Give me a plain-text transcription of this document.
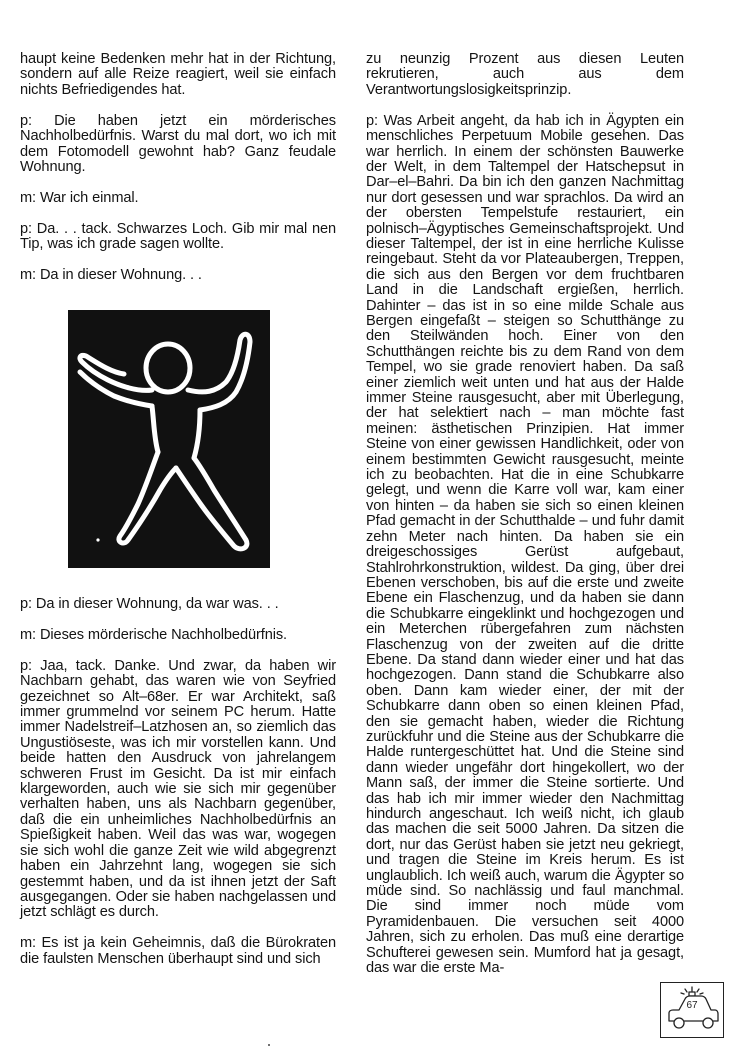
haupt keine Bedenken mehr hat in der Richtung, sondern auf alle Reize reagiert, weil sie einfach nichts Befriedigendes hat.

p: Die haben jetzt ein mörderisches Nachholbedürfnis. Warst du mal dort, wo ich mit dem Fotomodell gewohnt hab? Ganz feudale Wohnung.

m: War ich einmal.

p: Da. . . tack. Schwarzes Loch. Gib mir mal nen Tip, was ich grade sagen wollte.

m: Da in dieser Wohnung. . .

p: Da in dieser Wohnung, da war was. . .

m: Dieses mörderische Nachholbedürfnis.

p: Jaa, tack. Danke. Und zwar, da haben wir Nachbarn gehabt, das waren wie von Seyfried gezeichnet so Alt–68er. Er war Architekt, saß immer grummelnd vor seinem PC herum. Hatte immer Nadelstreif–Latzhosen an, so ziemlich das Ungustiöseste, was ich mir vorstellen kann. Und beide hatten den Ausdruck von jahrelangem schweren Frust im Gesicht. Da ist mir einfach klargeworden, auch wie sie sich mir gegenüber verhalten haben, uns als Nachbarn gegenüber, daß die ein unheimliches Nachholbedürfnis an Spießigkeit haben. Weil das was war, wogegen sie sich wohl die ganze Zeit wie wild abgegrenzt haben ein Jahrzehnt lang, wogegen sie sich gestemmt haben, und da ist ihnen jetzt der Saft ausgegangen. Oder sie haben nachgelassen und jetzt schlägt es durch.

m: Es ist ja kein Geheimnis, daß die Bürokraten die faulsten Menschen überhaupt sind und sich

zu neunzig Prozent aus diesen Leuten rekrutieren, auch aus dem Verantwortungslosigkeitsprinzip.

p: Was Arbeit angeht, da hab ich in Ägypten ein menschliches Perpetuum Mobile gesehen. Das war herrlich. In einem der schönsten Bauwerke der Welt, in dem Taltempel der Hatschepsut in Dar–el–Bahri. Da bin ich den ganzen Nachmittag nur dort gesessen und war sprachlos. Da wird an der obersten Tempelstufe restauriert, ein polnisch–Ägyptisches Gemeinschaftsprojekt. Und dieser Taltempel, der ist in eine herrliche Kulisse reingebaut. Steht da vor Plateaubergen, Treppen, die sich aus den Bergen vor dem fruchtbaren Land in die Landschaft ergießen, herrlich. Dahinter – das ist in so eine milde Schale aus Bergen eingefaßt – steigen so Schutthänge zu den Steilwänden hoch. Einer von den Schutthängen reichte bis zu dem Rand von dem Tempel, wo sie grade renoviert haben. Da saß einer ziemlich weit unten und hat aus der Halde immer Steine rausgesucht, aber mit Überlegung, der hat selektiert nach – man möchte fast meinen: ästhetischen Prinzipien. Hat immer Steine von einer gewissen Handlichkeit, oder von einem bestimmten Gewicht rausgesucht, meinte ich zu beobachten. Hat die in eine Schubkarre gelegt, und wenn die Karre voll war, kam einer von hinten – da haben sie sich so einen kleinen Pfad gemacht in der Schutthalde – und fuhr damit zehn Meter nach hinten. Da haben sie ein dreigeschossiges Gerüst aufgebaut, Stahlrohrkonstruktion, wildest. Da ging, über drei Ebenen verschoben, bis auf die erste und zweite Ebene ein Flaschenzug, und da haben sie dann die Schubkarre eingeklinkt und hochgezogen und ein Meterchen rübergefahren zum nächsten Flaschenzug von der zweiten auf die dritte Ebene. Da stand dann wieder einer und hat das hochgezogen. Dann stand die Schubkarre also oben. Dann kam wieder einer, der mit der Schubkarre dann oben so einen kleinen Pfad, den sie gemacht haben, wieder die Richtung zurückfuhr und die Steine aus der Schubkarre die Halde runtergeschüttet hat. Und die Steine sind dann wieder ungefähr dort hingekollert, wo der Mann saß, der immer die Steine sortierte. Und das hab ich mir immer wieder den Nachmittag hindurch angeschaut. Ich weiß nicht, ich glaub das machen die seit 5000 Jahren. Da sitzen die dort, nur das Gerüst haben sie jetzt neu gekriegt, und tragen die Steine im Kreis herum. Es ist unglaublich. Ich weiß auch, warum die Ägypter so müde sind. So nachlässig und faul manchmal. Die sind immer noch müde vom Pyramidenbauen. Die versuchen seit 4000 Jahren, sich zu erholen. Das muß eine derartige Schufterei gewesen sein. Mumford hat ja gesagt, das war die erste Ma-

67
